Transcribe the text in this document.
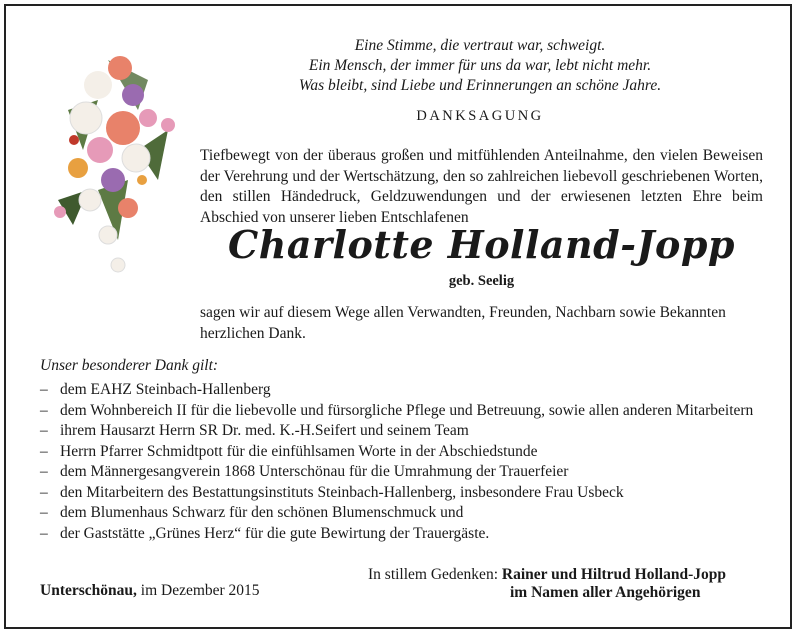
Eine Stimme, die vertraut war, schweigt.
Ein Mensch, der immer für uns da war, lebt nicht mehr.
Was bleibt, sind Liebe und Erinnerungen an schöne Jahre.
DANKSAGUNG
Tiefbewegt von der überaus großen und mitfühlenden Anteilnahme, den vielen Beweisen der Verehrung und der Wertschätzung, den so zahlreichen liebevoll geschriebenen Worten, den stillen Händedruck, Geldzuwendungen und der erwiesenen letzten Ehre beim Abschied von unserer lieben Entschlafenen
Charlotte Holland-Jopp
geb. Seelig
sagen wir auf diesem Wege allen Verwandten, Freunden, Nachbarn sowie Bekannten herzlichen Dank.
Unser besonderer Dank gilt:
– dem EAHZ Steinbach-Hallenberg
– dem Wohnbereich II für die liebevolle und fürsorgliche Pflege und Betreuung, sowie allen anderen Mitarbeitern
– ihrem Hausarzt Herrn SR Dr. med. K.-H.Seifert und seinem Team
– Herrn Pfarrer Schmidtpott für die einfühlsamen Worte in der Abschiedstunde
– dem Männergesangverein 1868 Unterschönau für die Umrahmung der Trauerfeier
– den Mitarbeitern des Bestattungsinstituts Steinbach-Hallenberg, insbesondere Frau Usbeck
– dem Blumenhaus Schwarz für den schönen Blumenschmuck und
– der Gaststätte „Grünes Herz“ für die gute Bewirtung der Trauergäste.
Unterschönau, im Dezember 2015
In stillem Gedenken: Rainer und Hiltrud Holland-Jopp
im Namen aller Angehörigen
